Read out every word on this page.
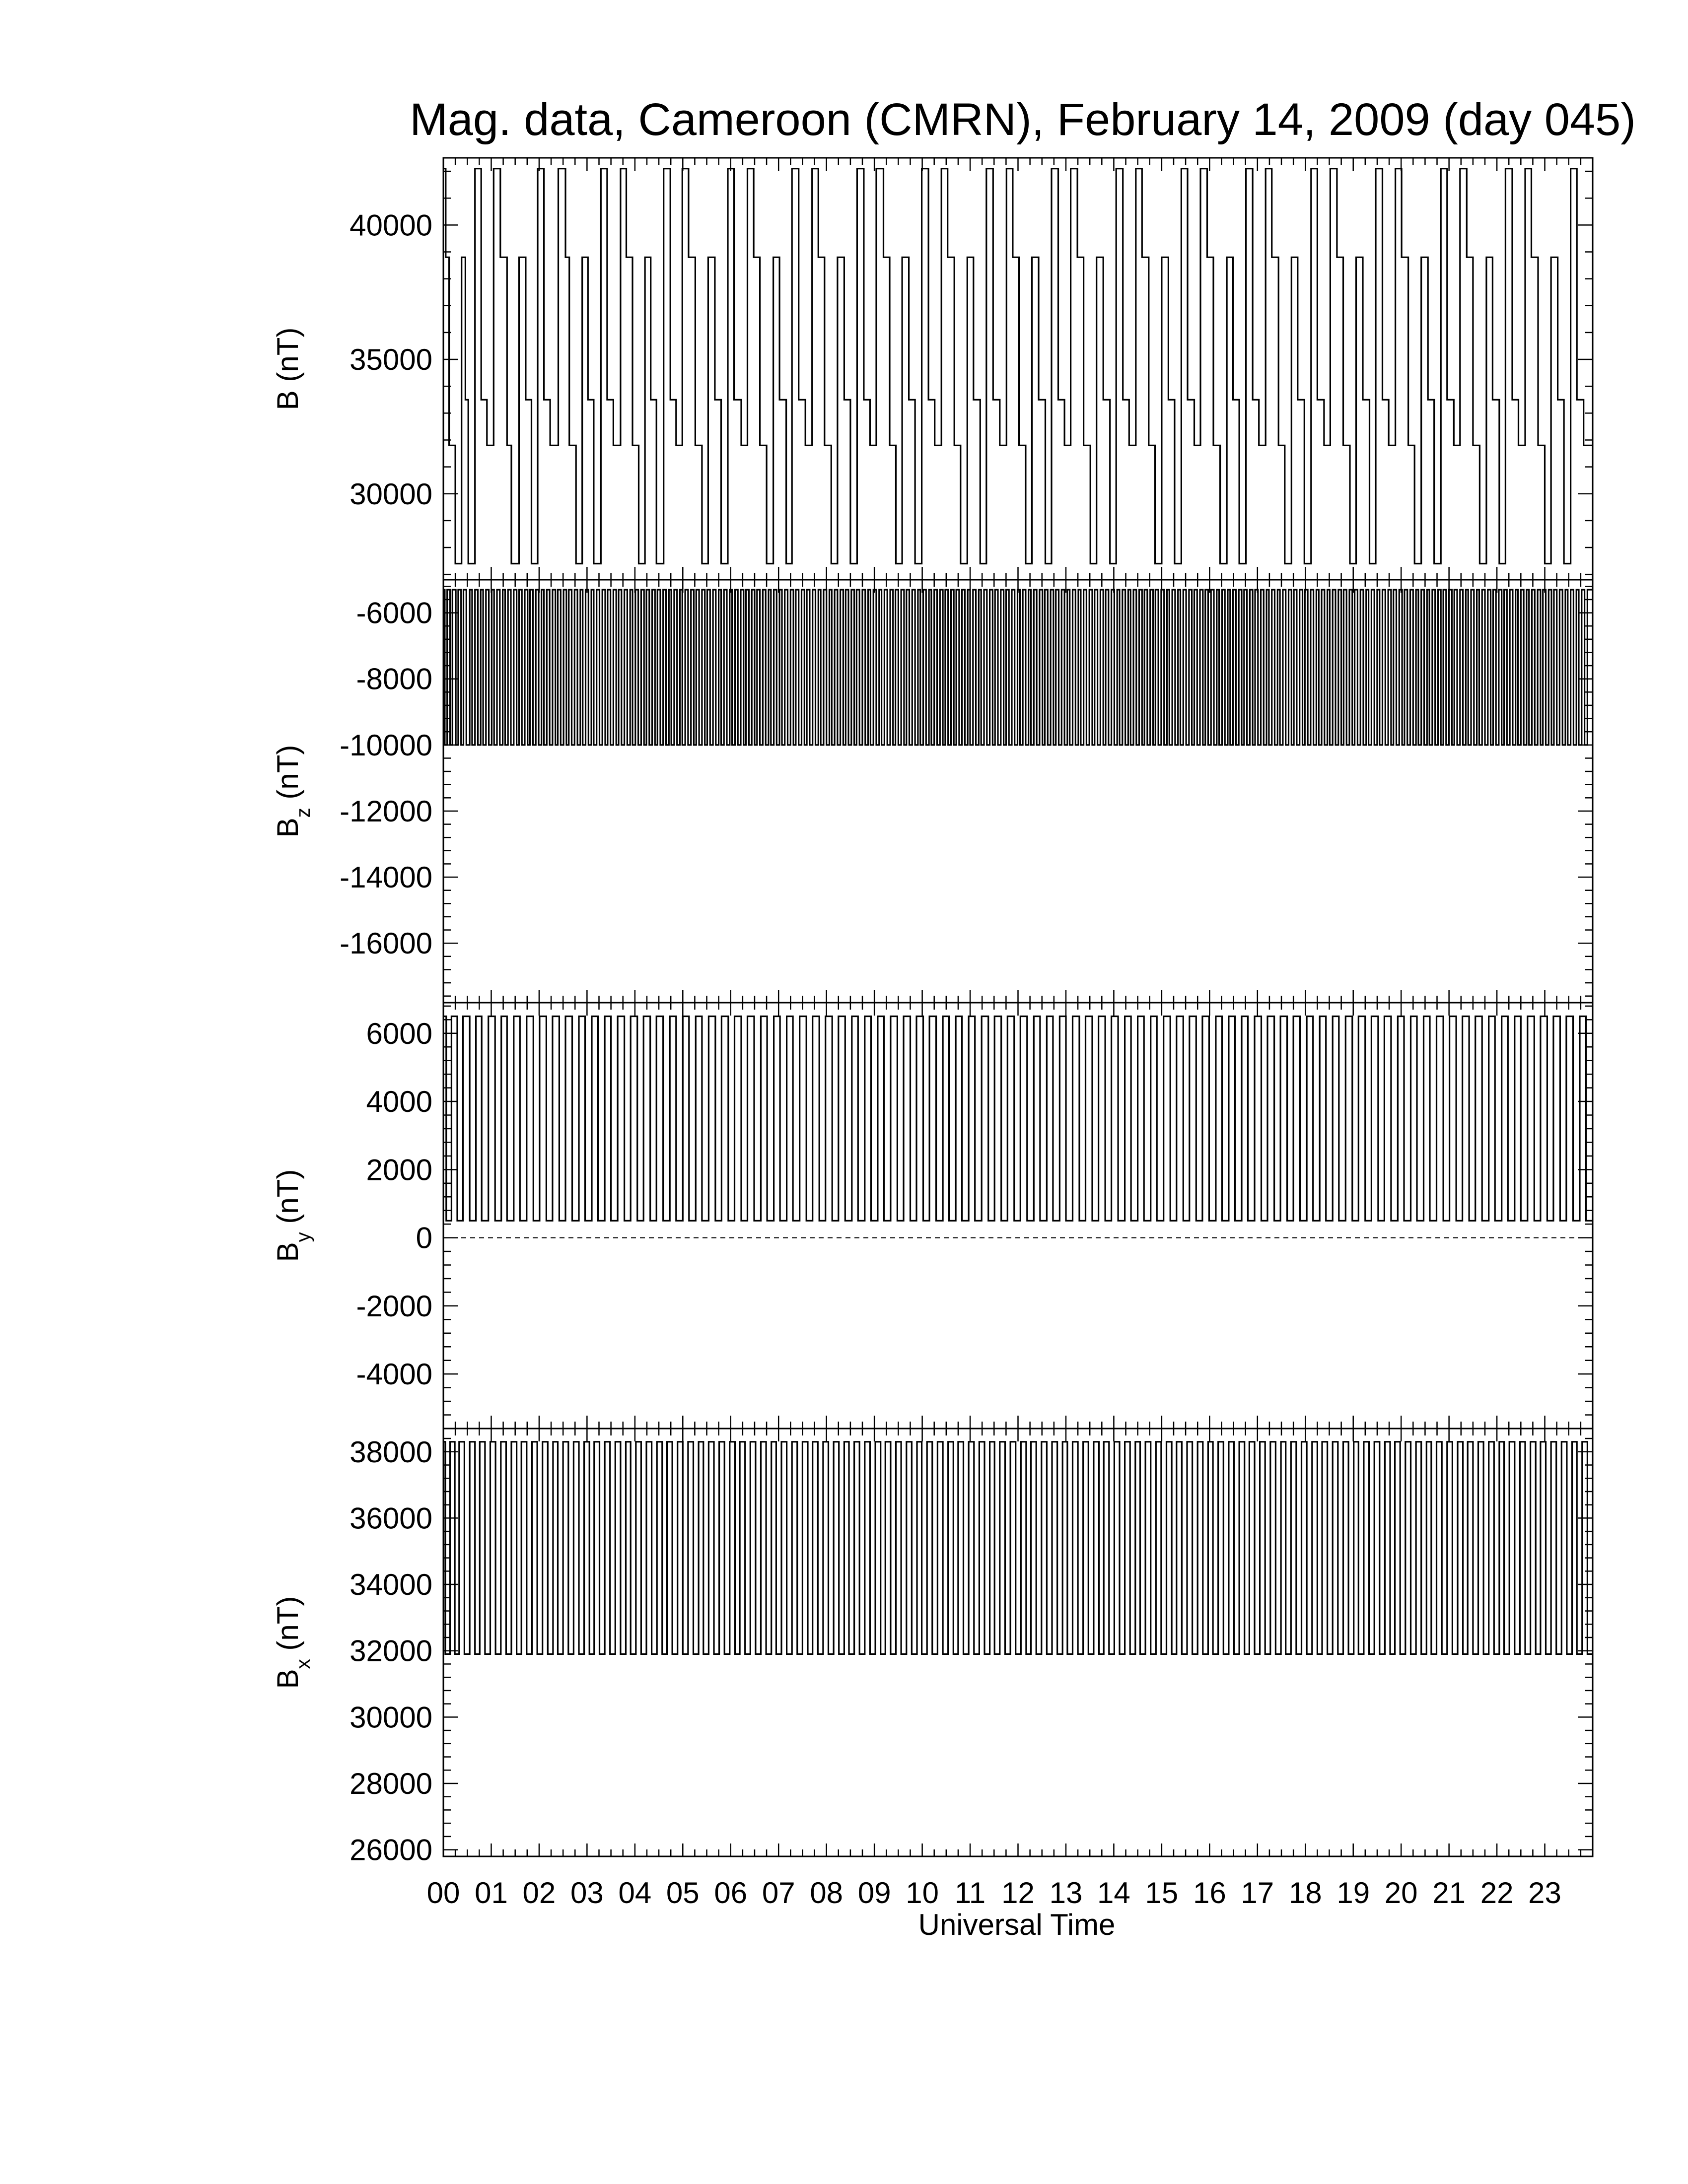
Mag. data, Cameroon (CMRN), February 14, 2009 (day 045)
30000
35000
40000
B (nT)
-16000
-14000
-12000
-10000
-8000
-6000
$B_z$ (nT)
-4000
-2000
0
2000
4000
6000
$B_y$ (nT)
26000
28000
30000
32000
34000
36000
38000
$B_x$ (nT)
00 01 02 03 04 05 06 07 08 09 10 11 12 13 14 15 16 17 18 19 20 21 22 23
Universal Time
